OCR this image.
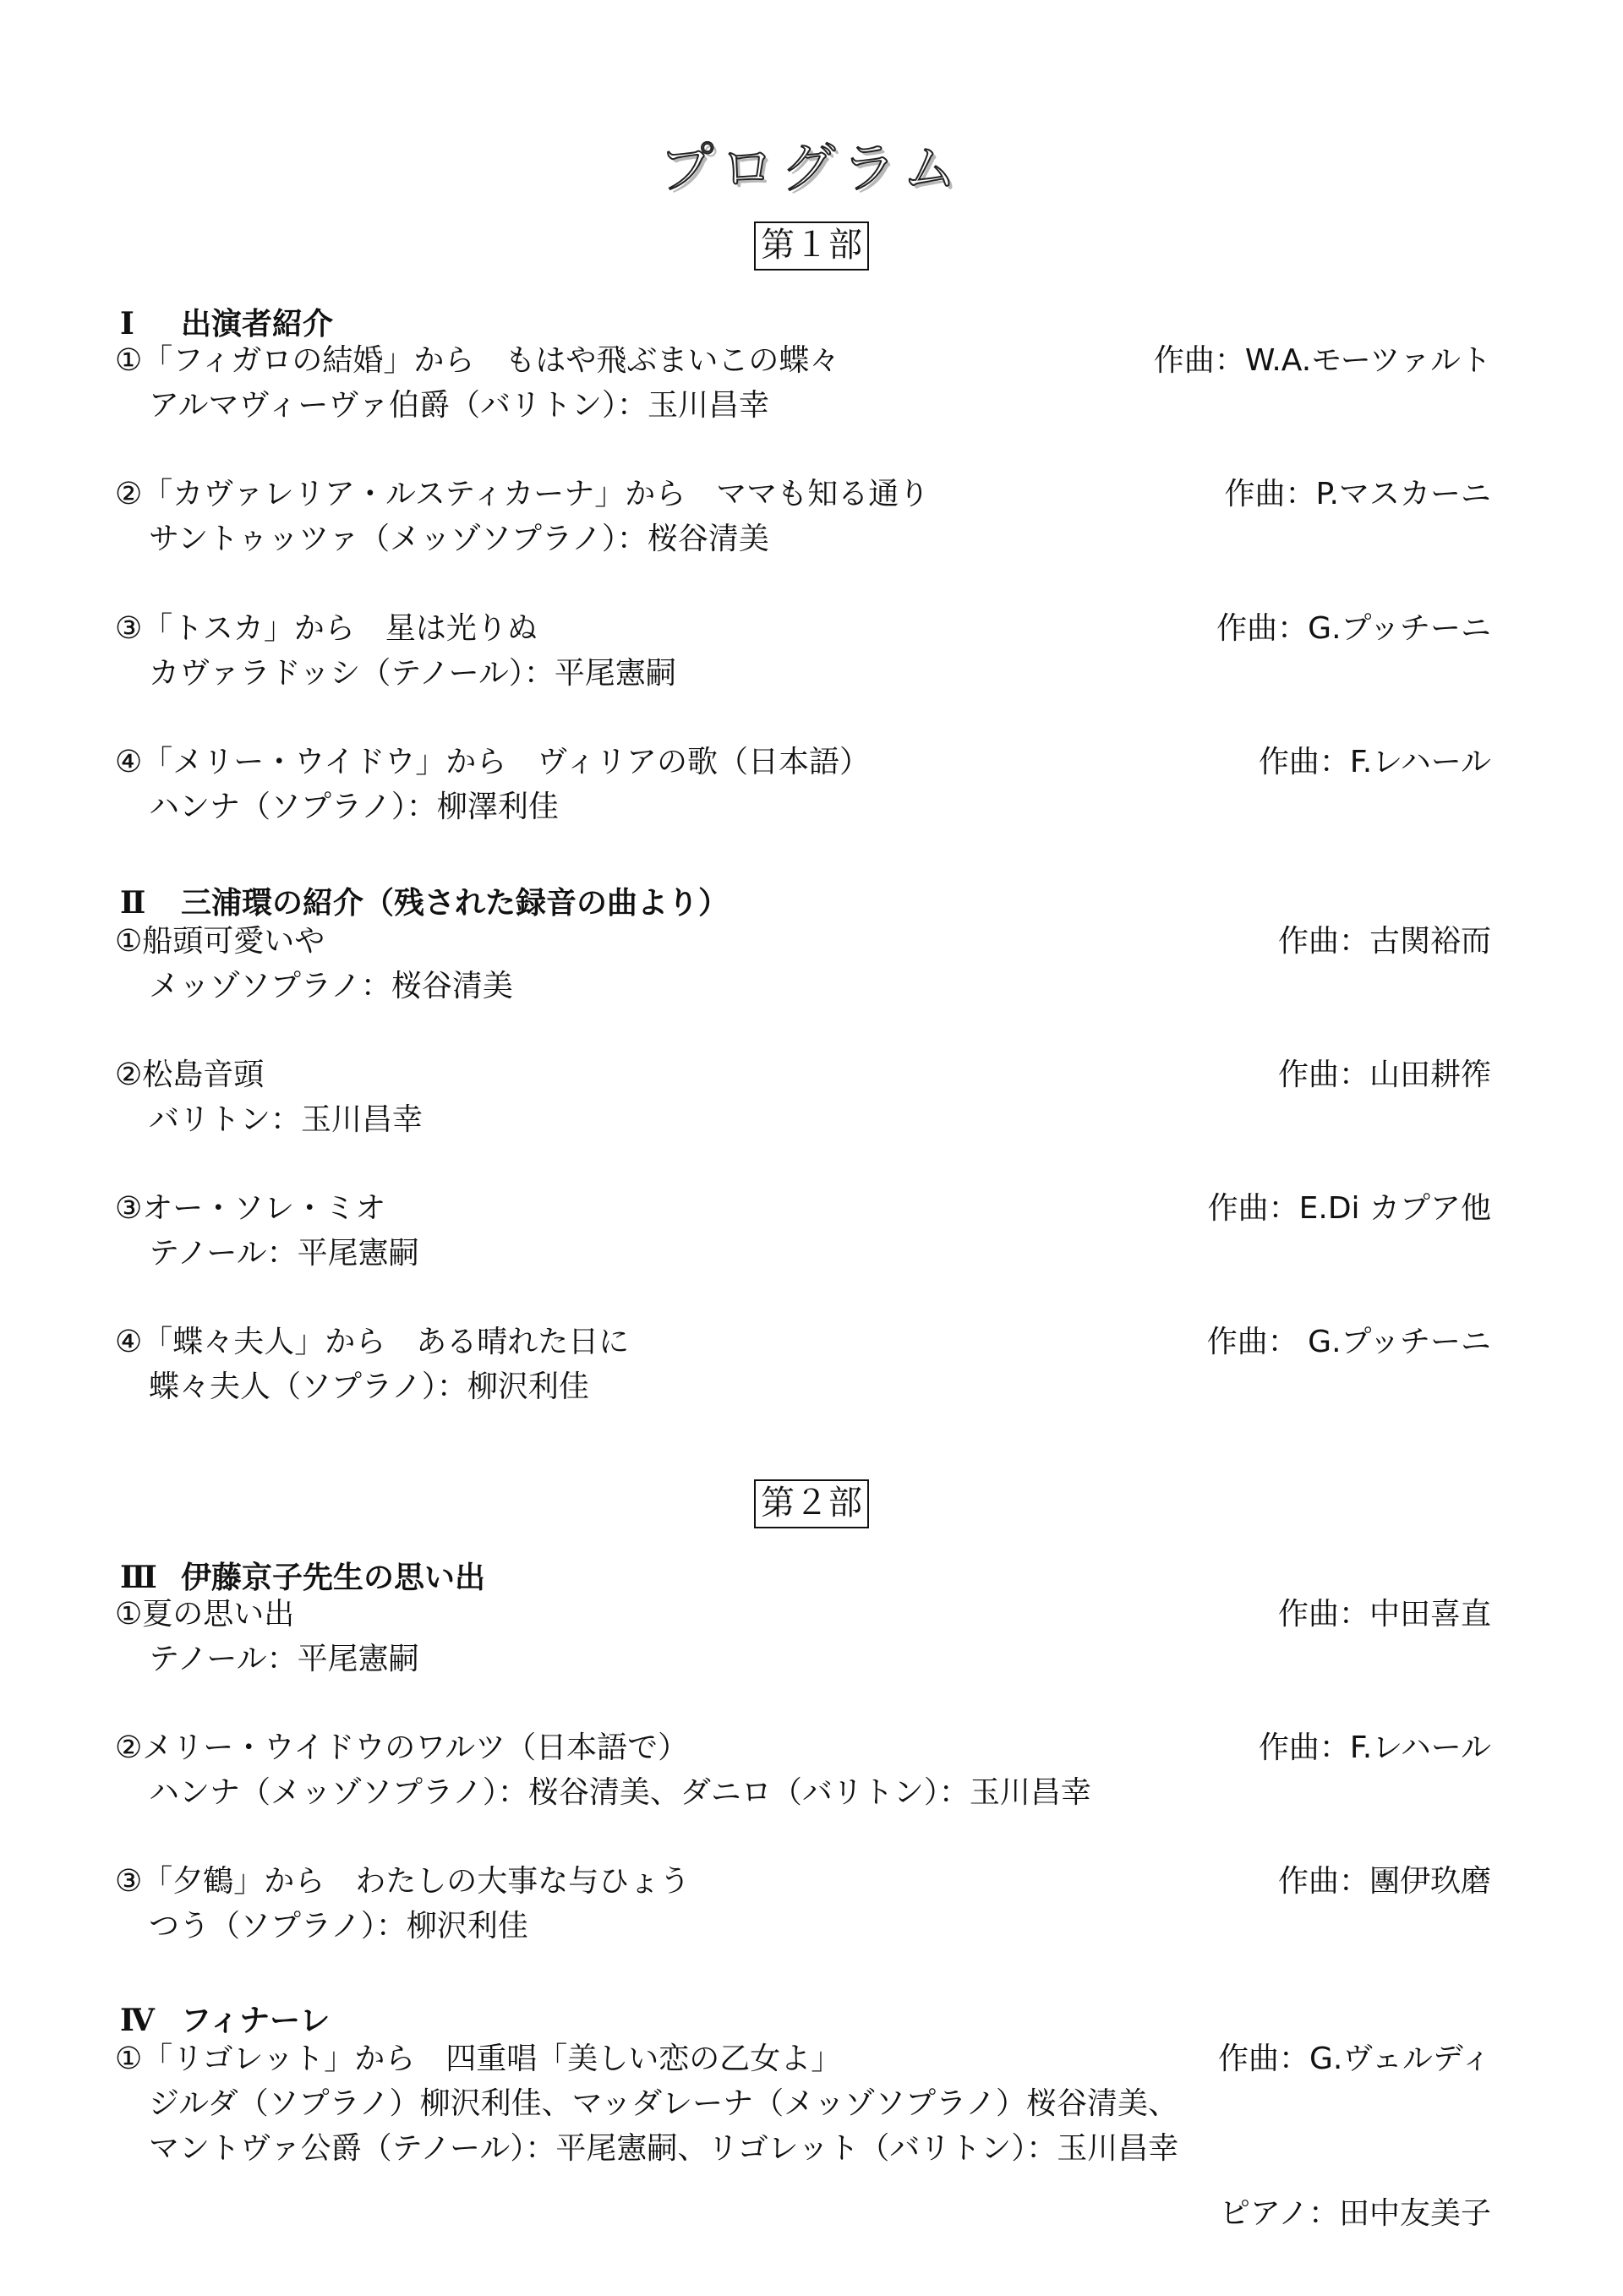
プログラム
第１部
Ⅰ 出演者紹介
①「フィガロの結婚」から　もはや飛ぶまいこの蝶々	作曲：W.A.モーツァルト
アルマヴィーヴァ伯爵（バリトン）：玉川昌幸
②「カヴァレリア・ルスティカーナ」から　ママも知る通り	作曲：P.マスカーニ
サントゥッツァ（メッゾソプラノ）：桜谷清美
③「トスカ」から　星は光りぬ	作曲：G.プッチーニ
カヴァラドッシ（テノール）：平尾憲嗣
④「メリー・ウイドウ」から　ヴィリアの歌（日本語）	作曲：F.レハール
ハンナ（ソプラノ）：柳澤利佳
Ⅱ 三浦環の紹介（残された録音の曲より）
①船頭可愛いや	作曲：古関裕而
メッゾソプラノ：桜谷清美
②松島音頭	作曲：山田耕筰
バリトン：玉川昌幸
③オー・ソレ・ミオ	作曲：E.Di カプア他
テノール：平尾憲嗣
④「蝶々夫人」から　ある晴れた日に	作曲： G.プッチーニ
蝶々夫人（ソプラノ）：柳沢利佳
第２部
Ⅲ 伊藤京子先生の思い出
①夏の思い出	作曲：中田喜直
テノール：平尾憲嗣
②メリー・ウイドウのワルツ（日本語で）	作曲：F.レハール
ハンナ（メッゾソプラノ）：桜谷清美、ダニロ（バリトン）：玉川昌幸
③「夕鶴」から　わたしの大事な与ひょう	作曲：團伊玖磨
つう（ソプラノ）：柳沢利佳
Ⅳ フィナーレ
①「リゴレット」から　四重唱「美しい恋の乙女よ」	作曲：G.ヴェルディ
ジルダ（ソプラノ）柳沢利佳、マッダレーナ（メッゾソプラノ）桜谷清美、
マントヴァ公爵（テノール）：平尾憲嗣、リゴレット（バリトン）：玉川昌幸
ピアノ：田中友美子
